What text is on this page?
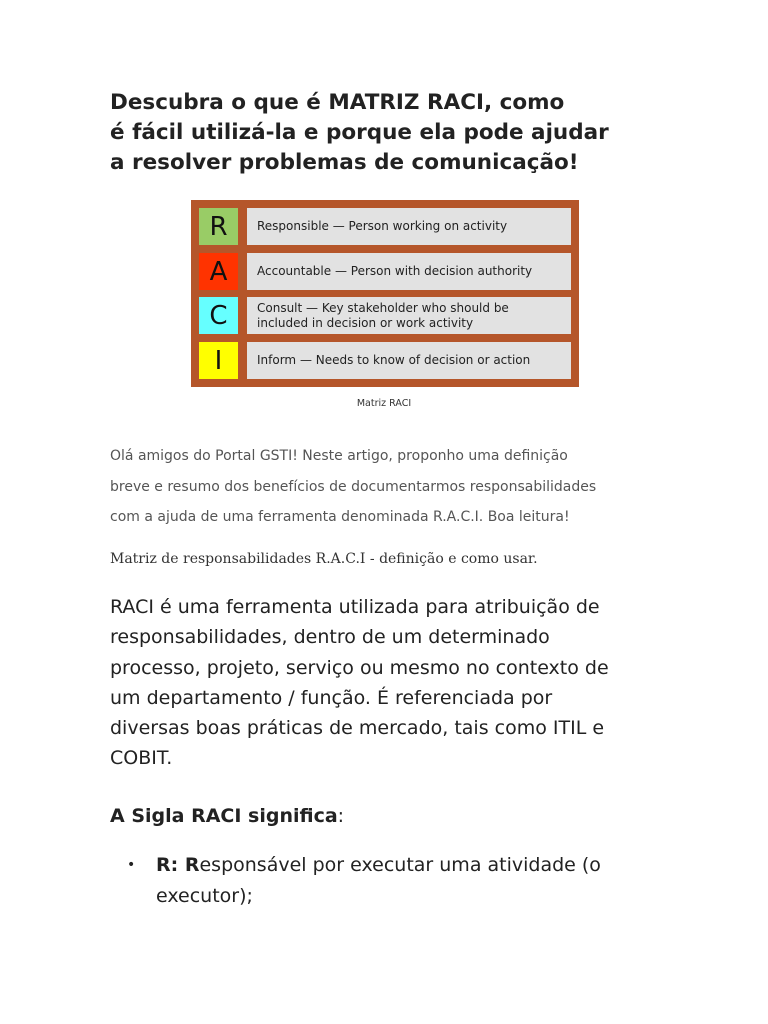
Descubra o que é MATRIZ RACI, como
é fácil utilizá-la e porque ela pode ajudar
a resolver problemas de comunicação!
R	Responsible — Person working on activity
A	Accountable — Person with decision authority
C	Consult — Key stakeholder who should be included in decision or work activity
I	Inform — Needs to know of decision or action
Matriz RACI

Olá amigos do Portal GSTI! Neste artigo, proponho uma definição
breve e resumo dos benefícios de documentarmos responsabilidades
com a ajuda de uma ferramenta denominada R.A.C.I. Boa leitura!

Matriz de responsabilidades R.A.C.I - definição e como usar.

RACI é uma ferramenta utilizada para atribuição de
responsabilidades, dentro de um determinado
processo, projeto, serviço ou mesmo no contexto de
um departamento / função. É referenciada por
diversas boas práticas de mercado, tais como ITIL e
COBIT.

A Sigla RACI significa:
• R: Responsável por executar uma atividade (o
executor);
